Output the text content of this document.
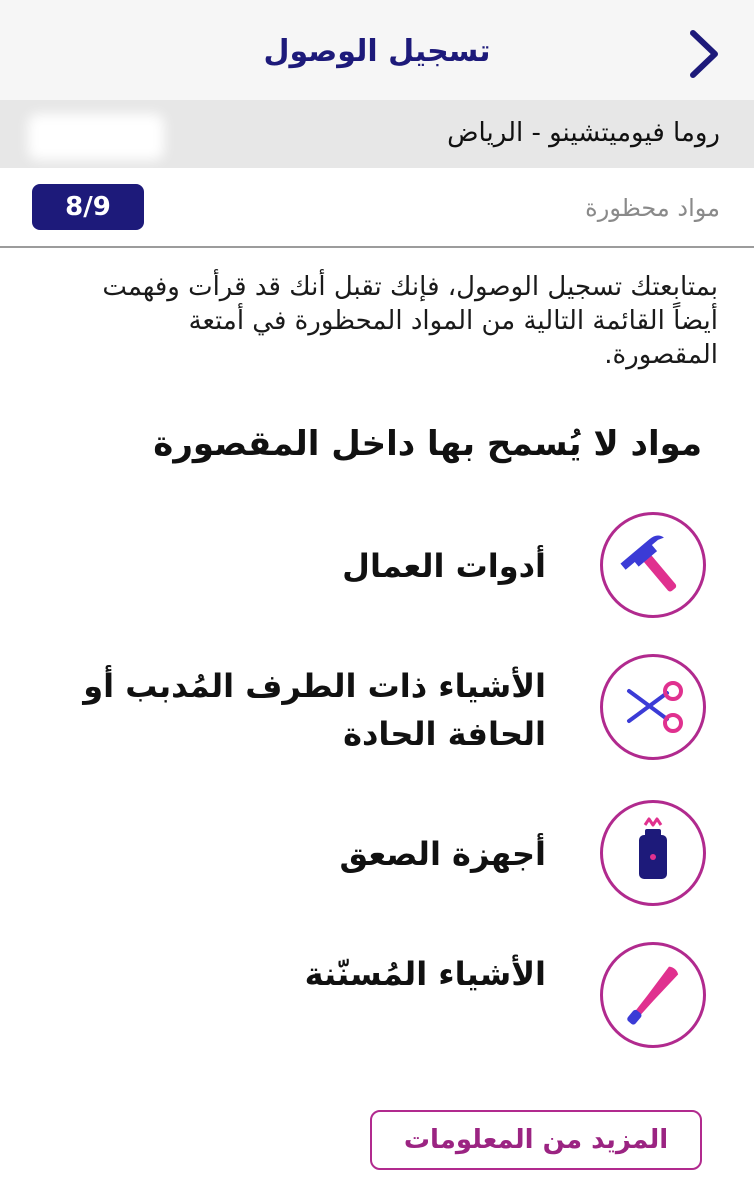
تسجيل الوصول
روما فيوميتشينو - الرياض
مواد محظورة
8/9
بمتابعتك تسجيل الوصول، فإنك تقبل أنك قد قرأت وفهمت أيضاً القائمة التالية من المواد المحظورة في أمتعة المقصورة.
مواد لا يُسمح بها داخل المقصورة
أدوات العمال
الأشياء ذات الطرف المُدبب أو الحافة الحادة
أجهزة الصعق
الأشياء المُسنّنة
المزيد من المعلومات
